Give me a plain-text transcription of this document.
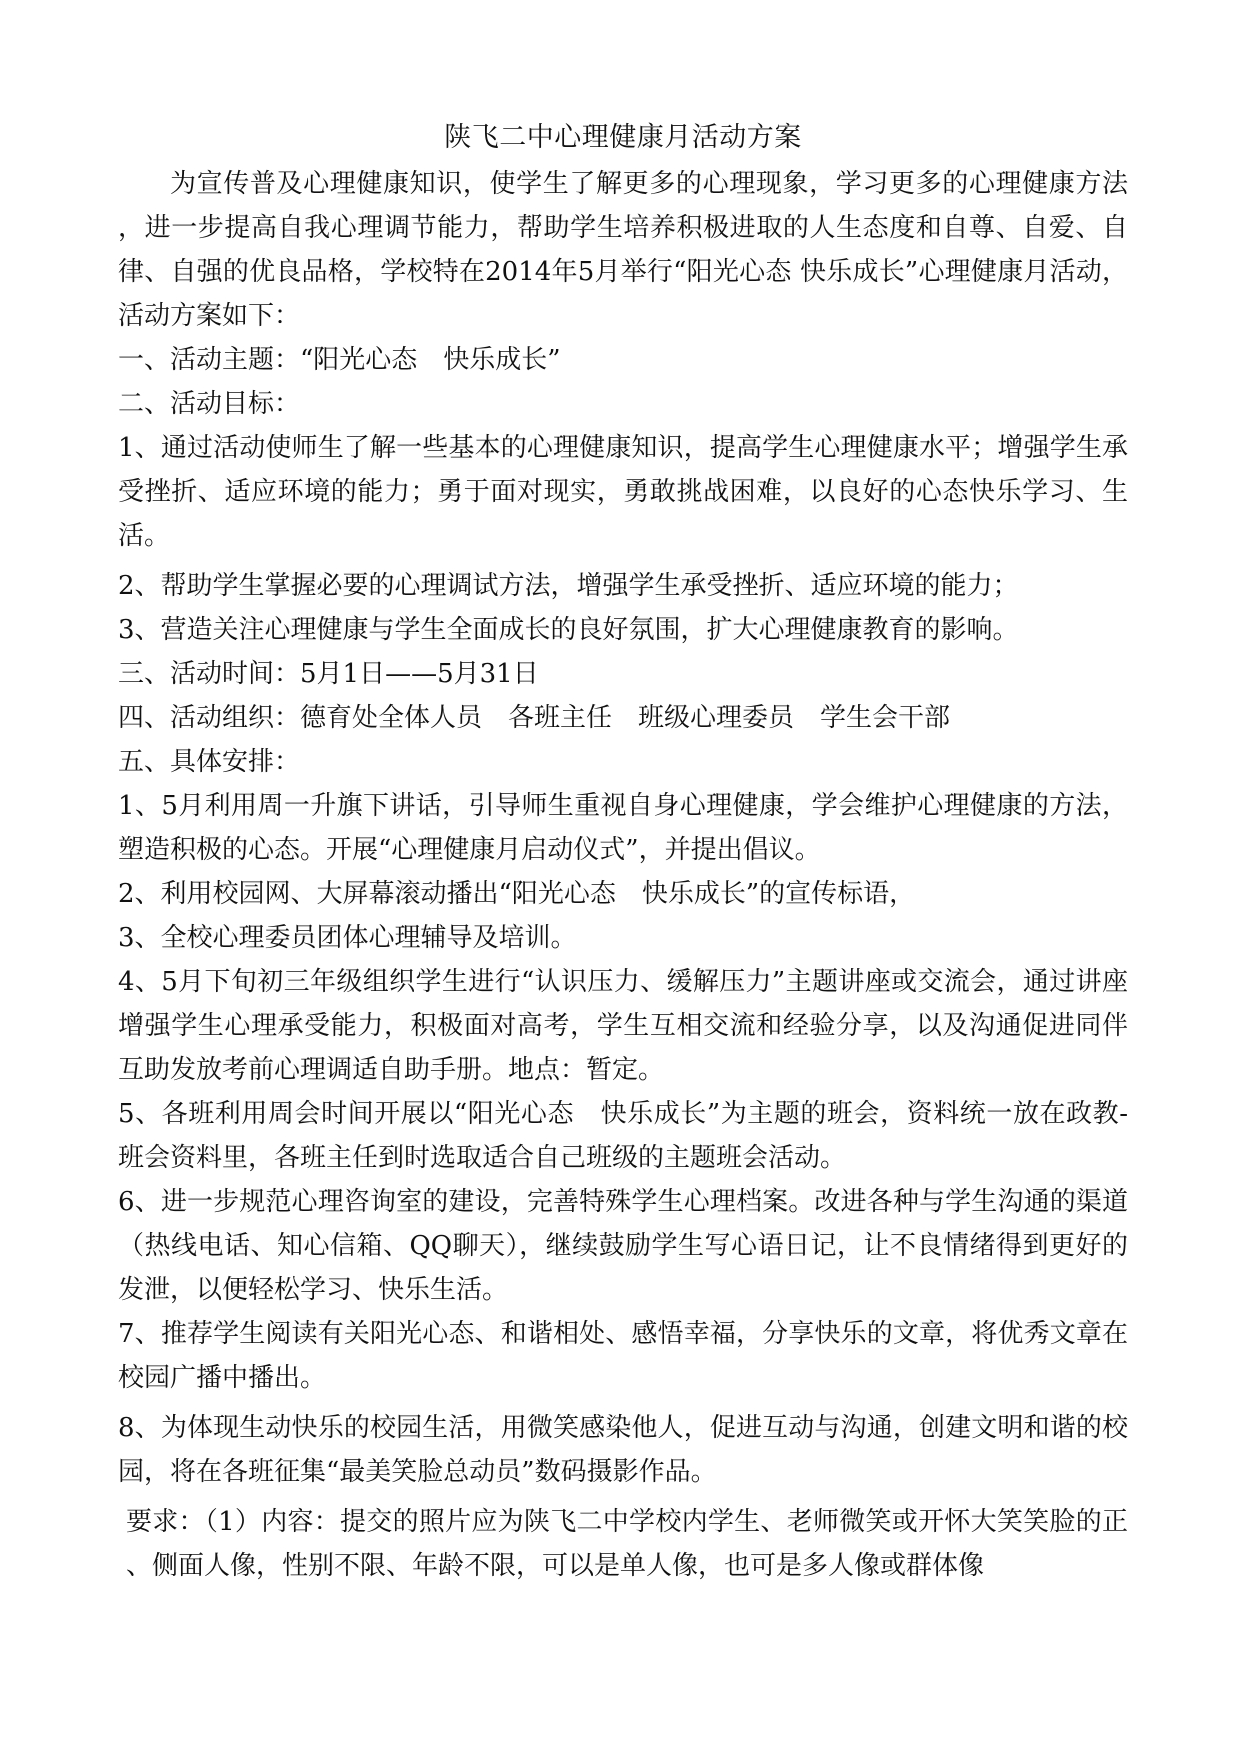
陕飞二中心理健康月活动方案

为宣传普及心理健康知识，使学生了解更多的心理现象，学习更多的心理健康方法，进一步提高自我心理调节能力，帮助学生培养积极进取的人生态度和自尊、自爱、自律、自强的优良品格，学校特在2014年5月举行“阳光心态 快乐成长”心理健康月活动，活动方案如下：

一、活动主题：“阳光心态　快乐成长”

二、活动目标：

1、通过活动使师生了解一些基本的心理健康知识，提高学生心理健康水平；增强学生承受挫折、适应环境的能力；勇于面对现实，勇敢挑战困难，以良好的心态快乐学习、生活。

2、帮助学生掌握必要的心理调试方法，增强学生承受挫折、适应环境的能力；

3、营造关注心理健康与学生全面成长的良好氛围，扩大心理健康教育的影响。

三、活动时间：5月1日——5月31日

四、活动组织：德育处全体人员　各班主任　班级心理委员　学生会干部

五、具体安排：

1、5月利用周一升旗下讲话，引导师生重视自身心理健康，学会维护心理健康的方法，塑造积极的心态。开展“心理健康月启动仪式”，并提出倡议。

2、利用校园网、大屏幕滚动播出“阳光心态　快乐成长”的宣传标语，

3、全校心理委员团体心理辅导及培训。

4、5月下旬初三年级组织学生进行“认识压力、缓解压力”主题讲座或交流会，通过讲座增强学生心理承受能力，积极面对高考，学生互相交流和经验分享，以及沟通促进同伴互助发放考前心理调适自助手册。地点：暂定。

5、各班利用周会时间开展以“阳光心态　快乐成长”为主题的班会，资料统一放在政教-班会资料里，各班主任到时选取适合自己班级的主题班会活动。

6、进一步规范心理咨询室的建设，完善特殊学生心理档案。改进各种与学生沟通的渠道（热线电话、知心信箱、QQ聊天），继续鼓励学生写心语日记，让不良情绪得到更好的发泄，以便轻松学习、快乐生活。

7、推荐学生阅读有关阳光心态、和谐相处、感悟幸福，分享快乐的文章，将优秀文章在校园广播中播出。

8、为体现生动快乐的校园生活，用微笑感染他人，促进互动与沟通，创建文明和谐的校园，将在各班征集“最美笑脸总动员”数码摄影作品。

要求：（1）内容：提交的照片应为陕飞二中学校内学生、老师微笑或开怀大笑笑脸的正、侧面人像，性别不限、年龄不限，可以是单人像，也可是多人像或群体像
